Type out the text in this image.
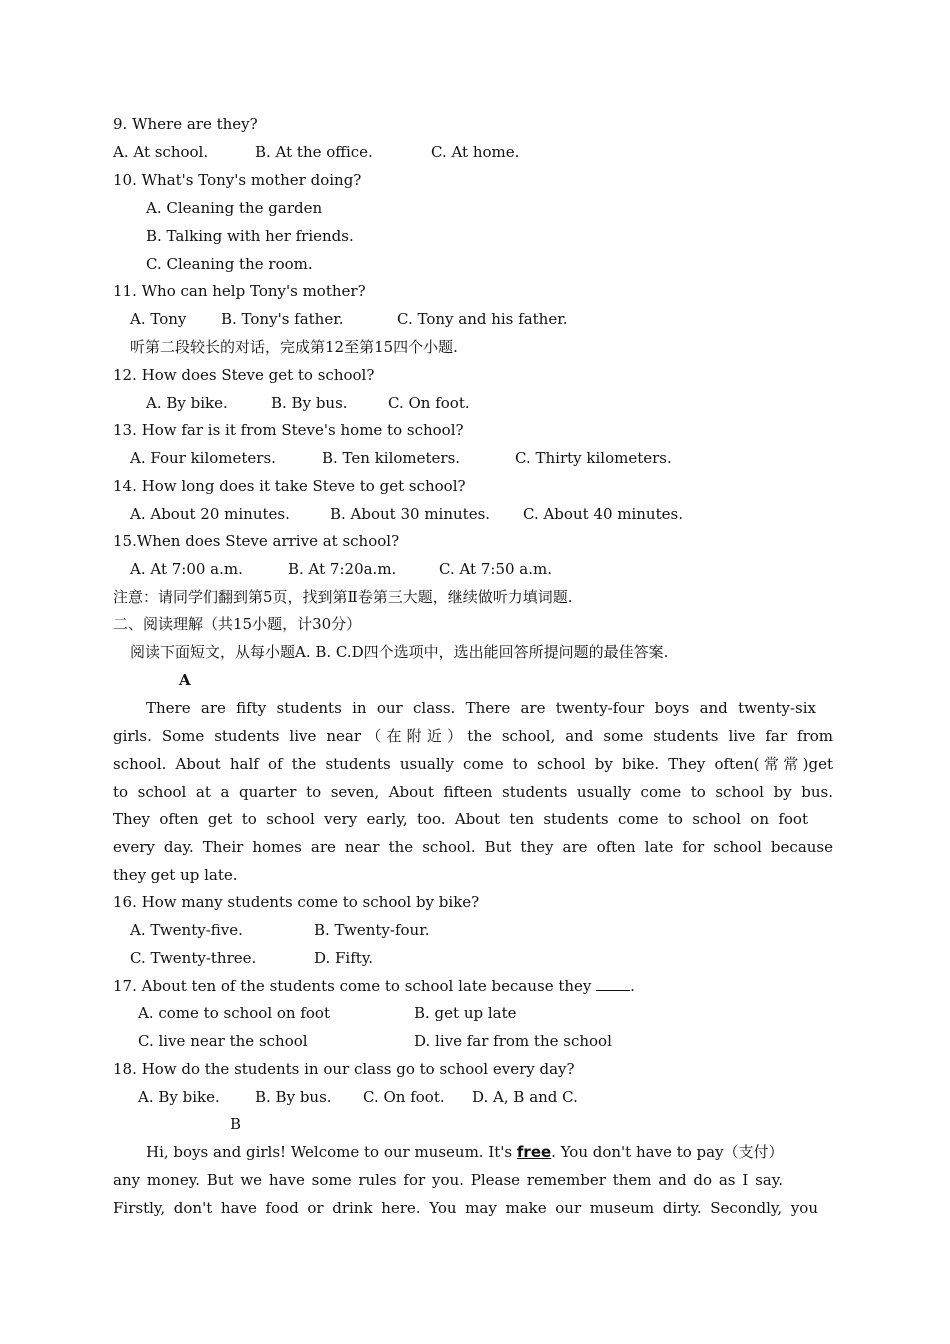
9. Where are they?
A. At school.	B. At the office.	C. At home.
10. What's Tony's mother doing?
A. Cleaning the garden
B. Talking with her friends.
C. Cleaning the room.
11. Who can help Tony's mother?
A. Tony B. Tony's father.	C. Tony and his father.
听第二段较长的对话，完成第12至第15四个小题.
12. How does Steve get to school?
A. By bike.	B. By bus.	C. On foot.
13. How far is it from Steve's home to school?
A. Four kilometers.	B. Ten kilometers.	C. Thirty kilometers.
14. How long does it take Steve to get school?
A. About 20 minutes.	B. About 30 minutes. C. About 40 minutes.
15.When does Steve arrive at school?
A. At 7:00 a.m.	B. At 7:20a.m.	C. At 7:50 a.m.
注意：请同学们翻到第5页，找到第Ⅱ卷第三大题，继续做听力填词题.
二、阅读理解（共15小题，计30分）
阅读下面短文，从每小题A. B. C.D四个选项中，选出能回答所提问题的最佳答案.
A
There are fifty students in our class. There are twenty-four boys and twenty-six
girls. Some students live near（在附近）the school, and some students live far from
school. About half of the students usually come to school by bike. They often(常常)get
to school at a quarter to seven, About fifteen students usually come to school by bus.
They often get to school very early, too. About ten students come to school on foot
every day. Their homes are near the school. But they are often late for school because
they get up late.
16. How many students come to school by bike?
A. Twenty-five.	B. Twenty-four.
C. Twenty-three.	D. Fifty.
17. About ten of the students come to school late because they	.
A. come to school on foot	B. get up late
C. live near the school	D. live far from the school
18. How do the students in our class go to school every day?
A. By bike. B. By bus. C. On foot. D. A, B and C.
B
Hi, boys and girls! Welcome to our museum. It's free. You don't have to pay（支付）
any money. But we have some rules for you. Please remember them and do as I say.
Firstly, don't have food or drink here. You may make our museum dirty. Secondly, you
